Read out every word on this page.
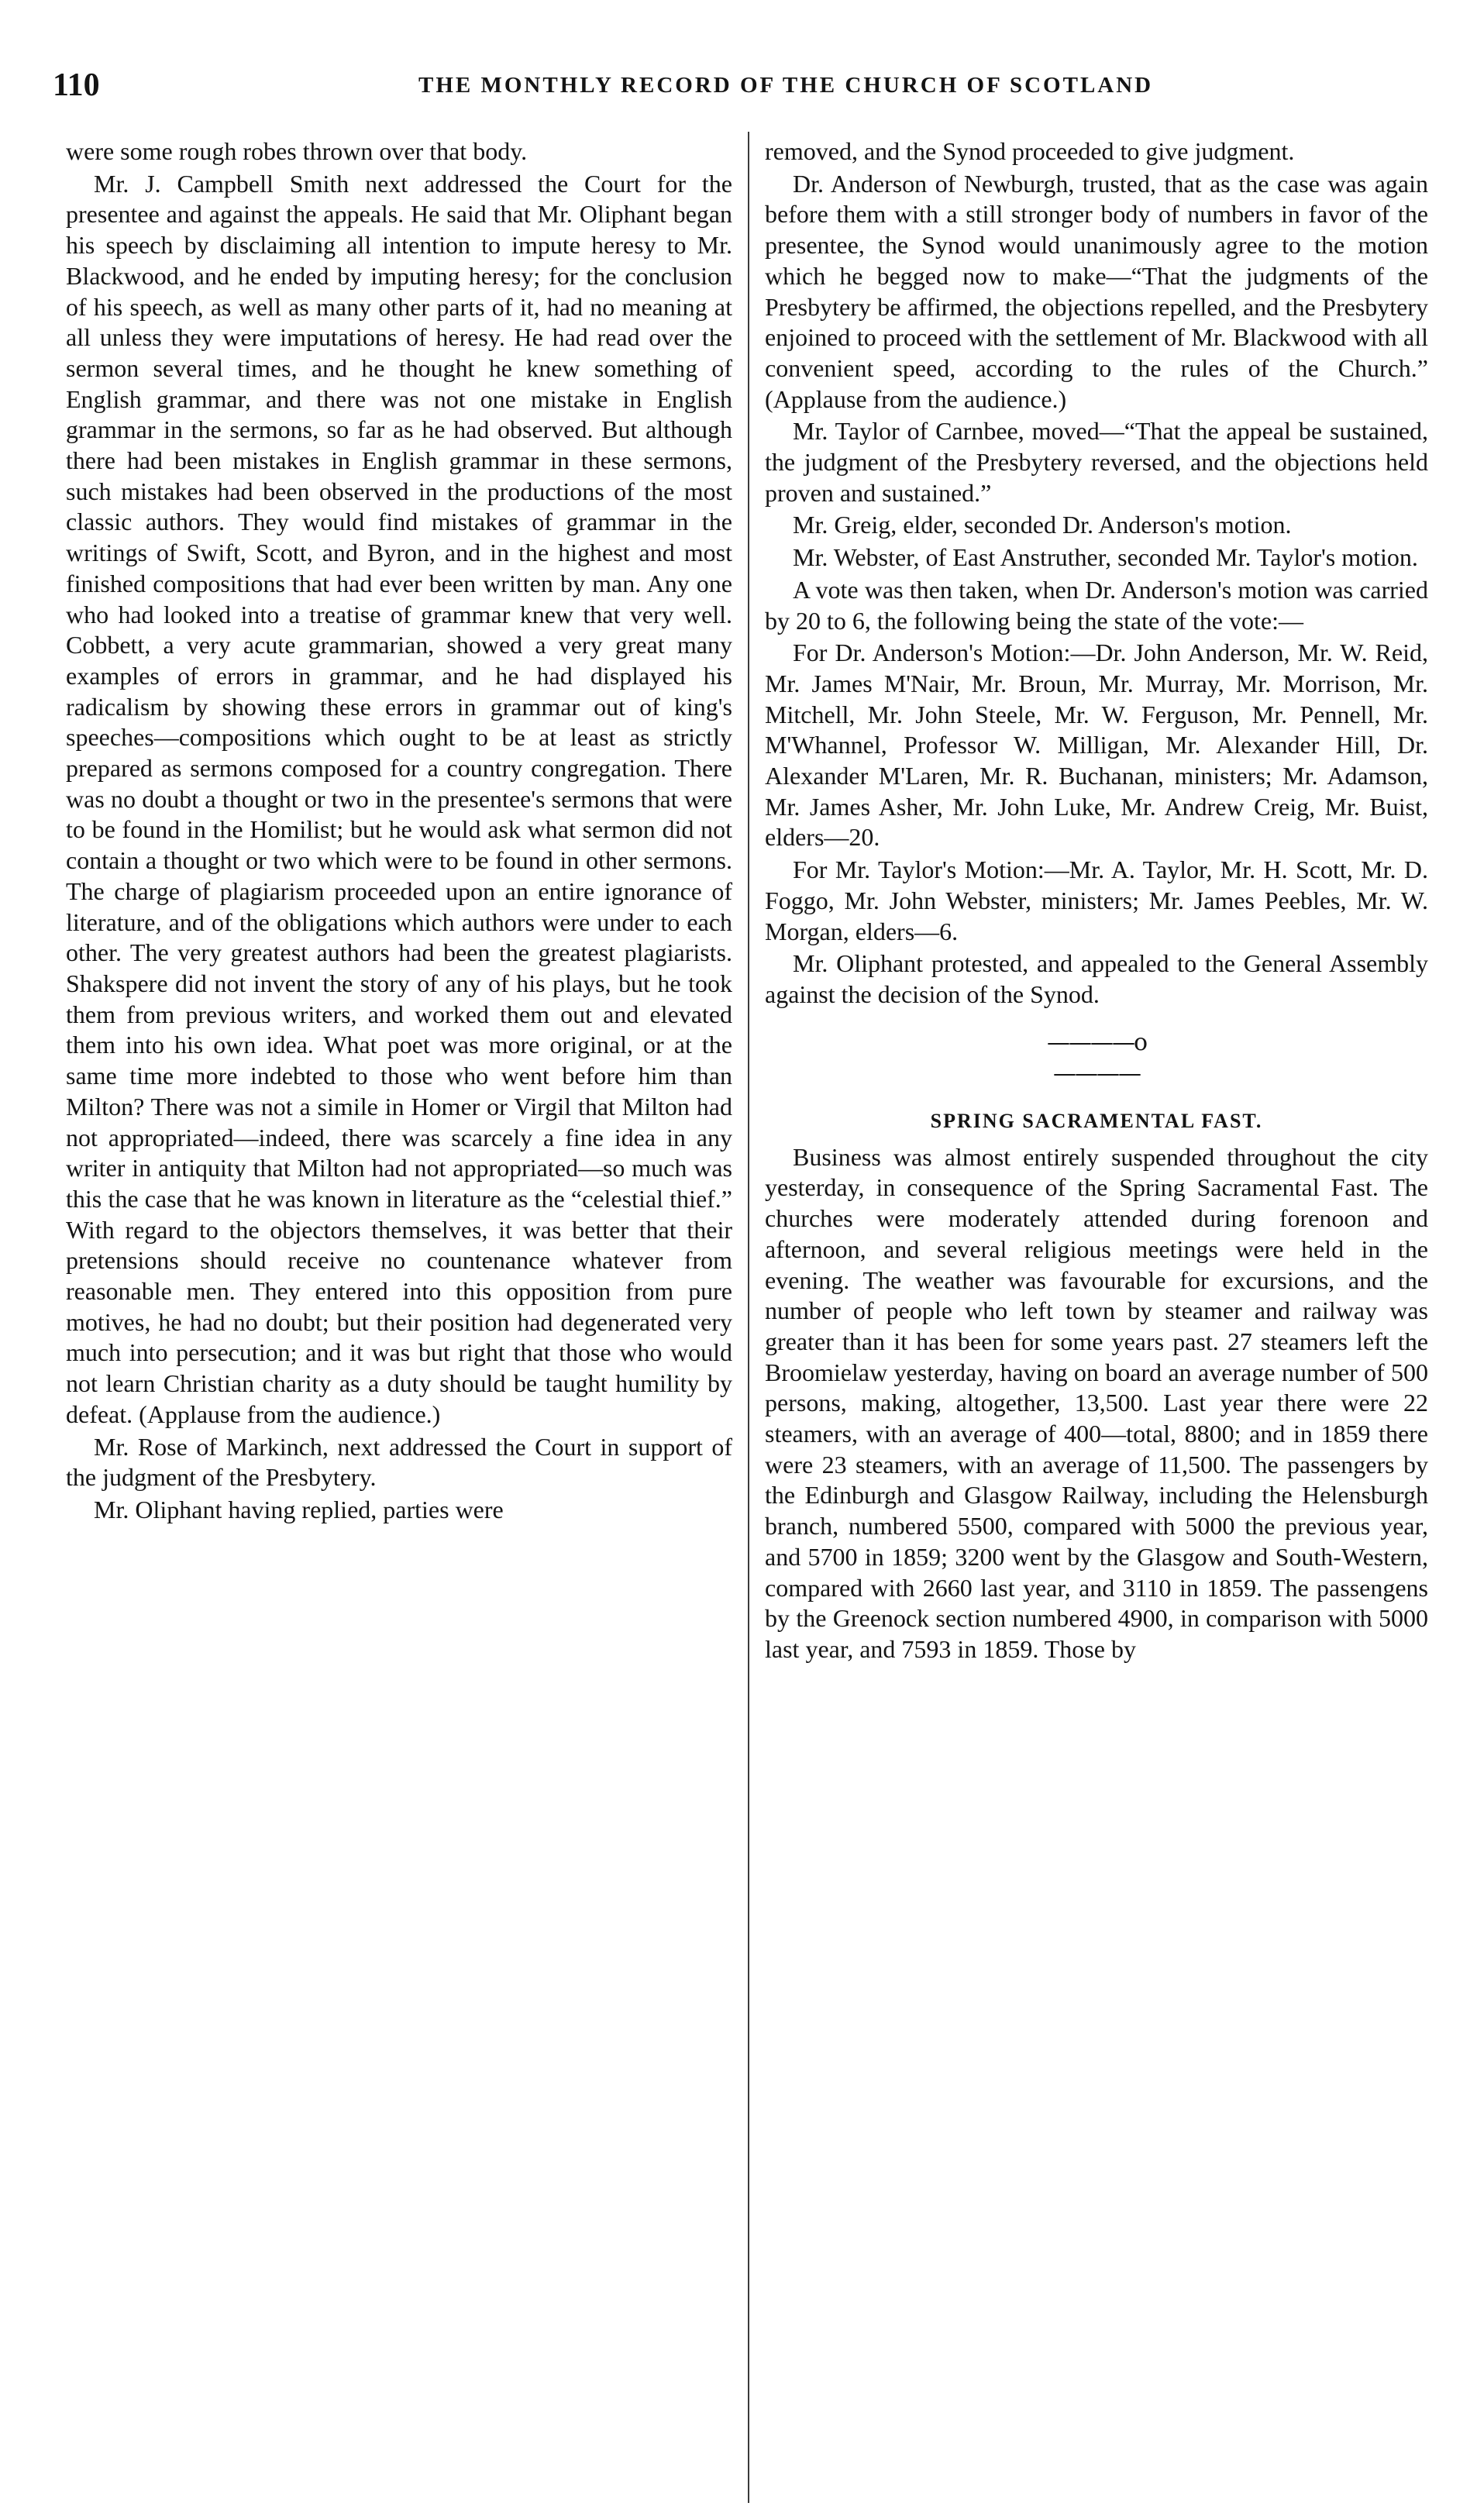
110	THE MONTHLY RECORD OF THE CHURCH OF SCOTLAND

were some rough robes thrown over that body.

Mr. J. Campbell Smith next addressed the Court for the presentee and against the appeals. He said that Mr. Oliphant began his speech by disclaiming all intention to impute heresy to Mr. Blackwood, and he ended by imputing heresy; for the conclusion of his speech, as well as many other parts of it, had no meaning at all unless they were imputations of heresy. He had read over the sermon several times, and he thought he knew something of English grammar, and there was not one mistake in English grammar in the sermons, so far as he had observed. But although there had been mistakes in English grammar in these sermons, such mistakes had been observed in the productions of the most classic authors. They would find mistakes of grammar in the writings of Swift, Scott, and Byron, and in the highest and most finished compositions that had ever been written by man. Any one who had looked into a treatise of grammar knew that very well. Cobbett, a very acute grammarian, showed a very great many examples of errors in grammar, and he had displayed his radicalism by showing these errors in grammar out of king's speeches—compositions which ought to be at least as strictly prepared as sermons composed for a country congregation. There was no doubt a thought or two in the presentee's sermons that were to be found in the Homilist; but he would ask what sermon did not contain a thought or two which were to be found in other sermons. The charge of plagiarism proceeded upon an entire ignorance of literature, and of the obligations which authors were under to each other. The very greatest authors had been the greatest plagiarists. Shakspere did not invent the story of any of his plays, but he took them from previous writers, and worked them out and elevated them into his own idea. What poet was more original, or at the same time more indebted to those who went before him than Milton? There was not a simile in Homer or Virgil that Milton had not appropriated—indeed, there was scarcely a fine idea in any writer in antiquity that Milton had not appropriated—so much was this the case that he was known in literature as the “celestial thief.” With regard to the objectors themselves, it was better that their pretensions should receive no countenance whatever from reasonable men. They entered into this opposition from pure motives, he had no doubt; but their position had degenerated very much into persecution; and it was but right that those who would not learn Christian charity as a duty should be taught humility by defeat. (Applause from the audience.)

Mr. Rose of Markinch, next addressed the Court in support of the judgment of the Presbytery.

Mr. Oliphant having replied, parties were

removed, and the Synod proceeded to give judgment.

Dr. Anderson of Newburgh, trusted, that as the case was again before them with a still stronger body of numbers in favor of the presentee, the Synod would unanimously agree to the motion which he begged now to make—“That the judgments of the Presbytery be affirmed, the objections repelled, and the Presbytery enjoined to proceed with the settlement of Mr. Blackwood with all convenient speed, according to the rules of the Church.” (Applause from the audience.)

Mr. Taylor of Carnbee, moved—“That the appeal be sustained, the judgment of the Presbytery reversed, and the objections held proven and sustained.”

Mr. Greig, elder, seconded Dr. Anderson's motion.

Mr. Webster, of East Anstruther, seconded Mr. Taylor's motion.

A vote was then taken, when Dr. Anderson's motion was carried by 20 to 6, the following being the state of the vote:—

For Dr. Anderson's Motion:—Dr. John Anderson, Mr. W. Reid, Mr. James M'Nair, Mr. Broun, Mr. Murray, Mr. Morrison, Mr. Mitchell, Mr. John Steele, Mr. W. Ferguson, Mr. Pennell, Mr. M'Whannel, Professor W. Milligan, Mr. Alexander Hill, Dr. Alexander M'Laren, Mr. R. Buchanan, ministers; Mr. Adamson, Mr. James Asher, Mr. John Luke, Mr. Andrew Creig, Mr. Buist, elders—20.

For Mr. Taylor's Motion:—Mr. A. Taylor, Mr. H. Scott, Mr. D. Foggo, Mr. John Webster, ministers; Mr. James Peebles, Mr. W. Morgan, elders—6.

Mr. Oliphant protested, and appealed to the General Assembly against the decision of the Synod.

————o————
SPRING SACRAMENTAL FAST.

Business was almost entirely suspended throughout the city yesterday, in consequence of the Spring Sacramental Fast. The churches were moderately attended during forenoon and afternoon, and several religious meetings were held in the evening. The weather was favourable for excursions, and the number of people who left town by steamer and railway was greater than it has been for some years past. 27 steamers left the Broomielaw yesterday, having on board an average number of 500 persons, making, altogether, 13,500. Last year there were 22 steamers, with an average of 400—total, 8800; and in 1859 there were 23 steamers, with an average of 11,500. The passengers by the Edinburgh and Glasgow Railway, including the Helensburgh branch, numbered 5500, compared with 5000 the previous year, and 5700 in 1859; 3200 went by the Glasgow and South-Western, compared with 2660 last year, and 3110 in 1859. The passengens by the Greenock section numbered 4900, in comparison with 5000 last year, and 7593 in 1859. Those by
